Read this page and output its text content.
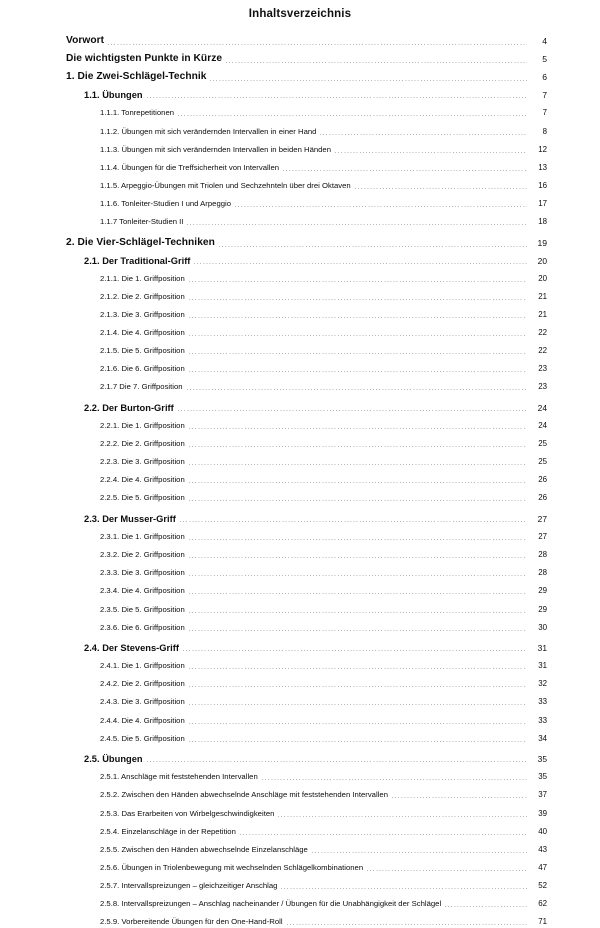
Inhaltsverzeichnis
Vorwort	4
Die wichtigsten Punkte in Kürze	5
1. Die Zwei-Schlägel-Technik	6
1.1. Übungen	7
1.1.1. Tonrepetitionen	7
1.1.2. Übungen mit sich verändernden Intervallen in einer Hand	8
1.1.3. Übungen mit sich verändernden Intervallen in beiden Händen	12
1.1.4. Übungen für die Treffsicherheit von Intervallen	13
1.1.5. Arpeggio-Übungen mit Triolen und Sechzehnteln über drei Oktaven	16
1.1.6. Tonleiter-Studien I und Arpeggio	17
1.1.7 Tonleiter-Studien II	18
2. Die Vier-Schlägel-Techniken	19
2.1. Der Traditional-Griff	20
2.1.1. Die 1. Griffposition	20
2.1.2. Die 2. Griffposition	21
2.1.3. Die 3. Griffposition	21
2.1.4. Die 4. Griffposition	22
2.1.5. Die 5. Griffposition	22
2.1.6. Die 6. Griffposition	23
2.1.7 Die 7. Griffposition	23
2.2. Der Burton-Griff	24
2.2.1. Die 1. Griffposition	24
2.2.2. Die 2. Griffposition	25
2.2.3. Die 3. Griffposition	25
2.2.4. Die 4. Griffposition	26
2.2.5. Die 5. Griffposition	26
2.3. Der Musser-Griff	27
2.3.1. Die 1. Griffposition	27
2.3.2. Die 2. Griffposition	28
2.3.3. Die 3. Griffposition	28
2.3.4. Die 4. Griffposition	29
2.3.5. Die 5. Griffposition	29
2.3.6. Die 6. Griffposition	30
2.4. Der Stevens-Griff	31
2.4.1. Die 1. Griffposition	31
2.4.2. Die 2. Griffposition	32
2.4.3. Die 3. Griffposition	33
2.4.4. Die 4. Griffposition	33
2.4.5. Die 5. Griffposition	34
2.5. Übungen	35
2.5.1. Anschläge mit feststehenden Intervallen	35
2.5.2. Zwischen den Händen abwechselnde Anschläge mit feststehenden Intervallen	37
2.5.3. Das Erarbeiten von Wirbelgeschwindigkeiten	39
2.5.4. Einzelanschläge in der Repetition	40
2.5.5. Zwischen den Händen abwechselnde Einzelanschläge	43
2.5.6. Übungen in Triolenbewegung mit wechselnden Schlägelkombinationen	47
2.5.7. Intervallspreizungen – gleichzeitiger Anschlag	52
2.5.8. Intervallspreizungen – Anschlag nacheinander / Übungen für die Unabhängigkeit der Schlägel	62
2.5.9. Vorbereitende Übungen für den One-Hand-Roll	71
